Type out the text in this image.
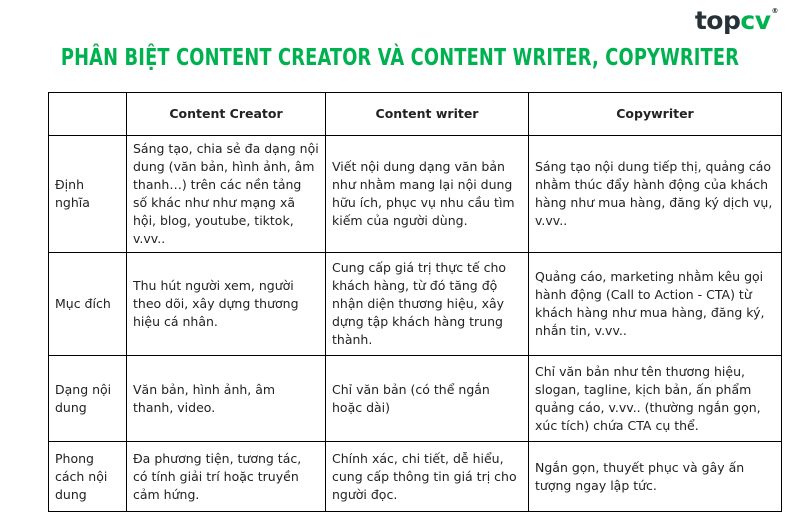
topcv®
PHÂN BIỆT CONTENT CREATOR VÀ CONTENT WRITER, COPYWRITER
	Content Creator	Content writer	Copywriter
Định nghĩa	Sáng tạo, chia sẻ đa dạng nội dung (văn bản, hình ảnh, âm thanh…) trên các nền tảng số khác như như mạng xã hội, blog, youtube, tiktok, v.vv..	Viết nội dung dạng văn bản như nhằm mang lại nội dung hữu ích, phục vụ nhu cầu tìm kiếm của người dùng.	Sáng tạo nội dung tiếp thị, quảng cáo nhằm thúc đẩy hành động của khách hàng như mua hàng, đăng ký dịch vụ, v.vv..
Mục đích	Thu hút người xem, người theo dõi, xây dựng thương hiệu cá nhân.	Cung cấp giá trị thực tế cho khách hàng, từ đó tăng độ nhận diện thương hiệu, xây dựng tập khách hàng trung thành.	Quảng cáo, marketing nhằm kêu gọi hành động (Call to Action - CTA) từ khách hàng như mua hàng, đăng ký, nhắn tin, v.vv..
Dạng nội dung	Văn bản, hình ảnh, âm thanh, video.	Chỉ văn bản (có thể ngắn hoặc dài)	Chỉ văn bản như tên thương hiệu, slogan, tagline, kịch bản, ấn phẩm quảng cáo, v.vv.. (thường ngắn gọn, xúc tích) chứa CTA cụ thể.
Phong cách nội dung	Đa phương tiện, tương tác, có tính giải trí hoặc truyền cảm hứng.	Chính xác, chi tiết, dễ hiểu, cung cấp thông tin giá trị cho người đọc.	Ngắn gọn, thuyết phục và gây ấn tượng ngay lập tức.
